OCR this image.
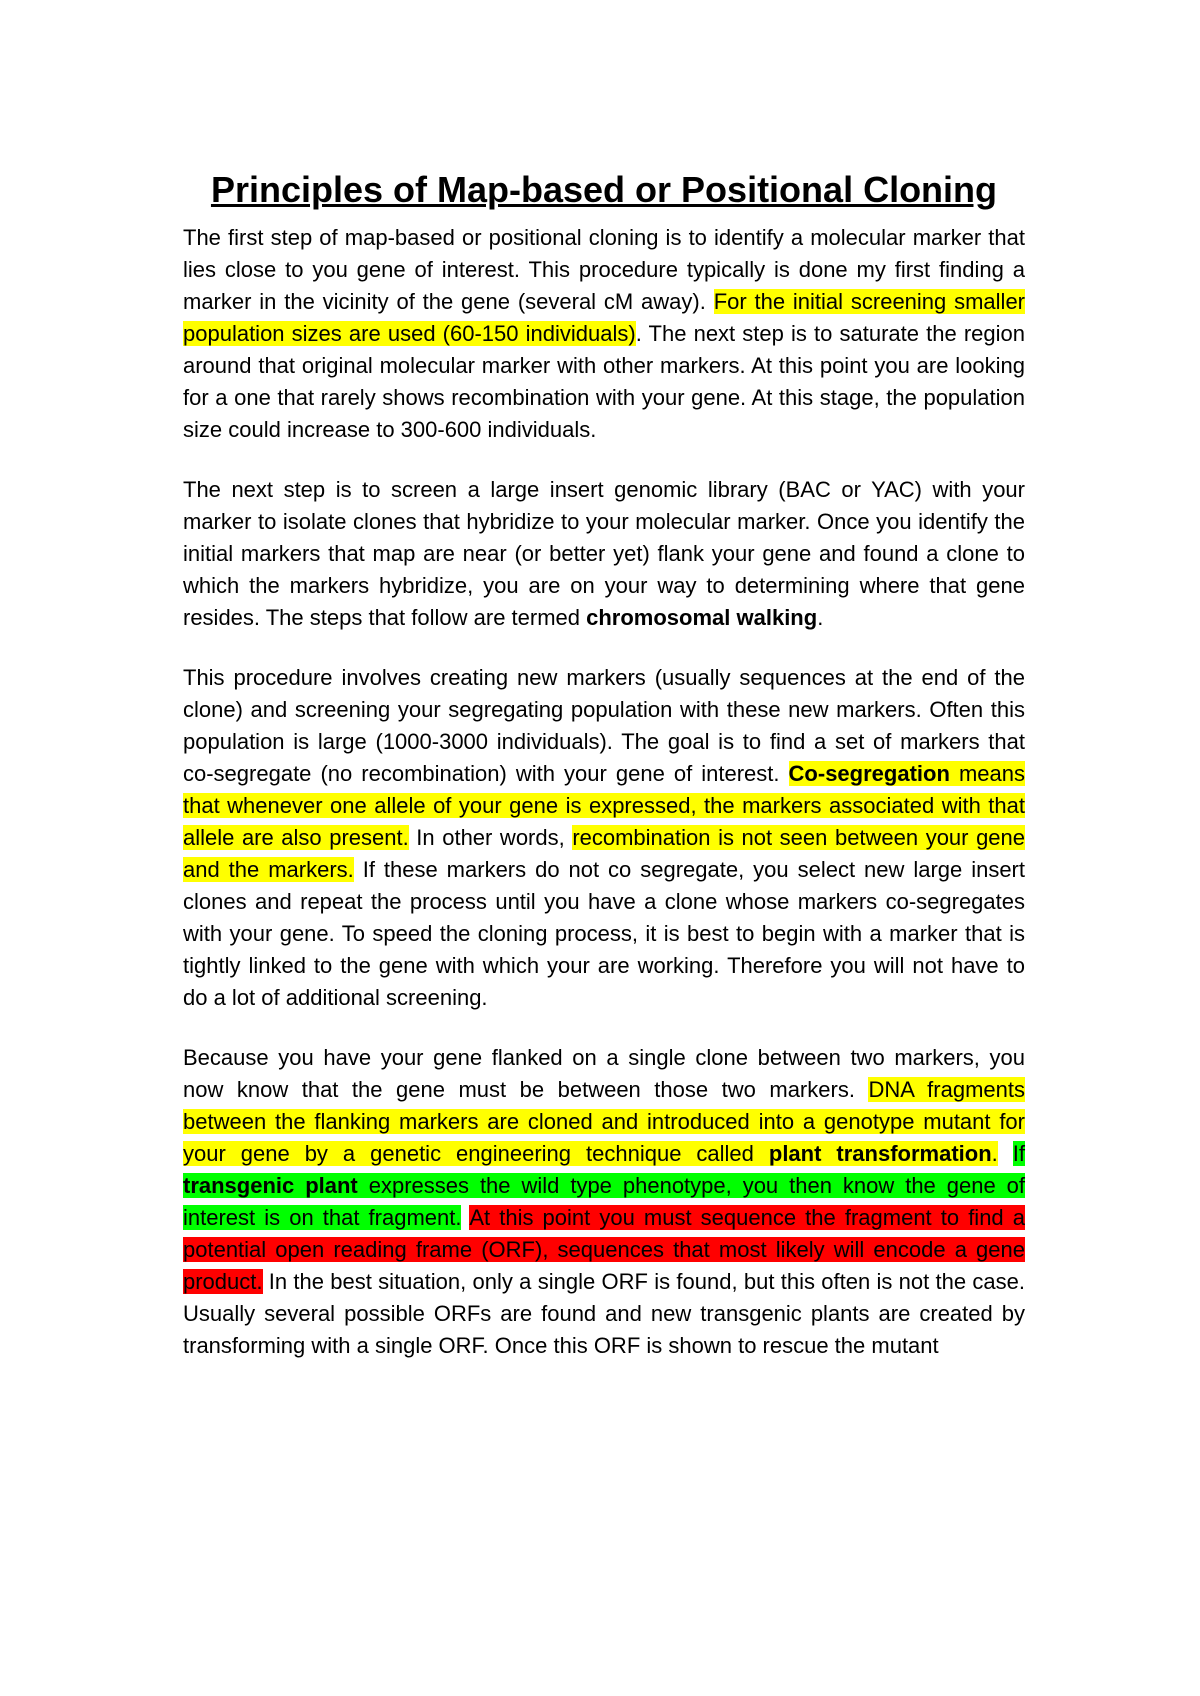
Principles of Map-based or Positional Cloning

The first step of map-based or positional cloning is to identify a molecular marker that lies close to you gene of interest. This procedure typically is done my first finding a marker in the vicinity of the gene (several cM away). For the initial screening smaller population sizes are used (60-150 individuals). The next step is to saturate the region around that original molecular marker with other markers. At this point you are looking for a one that rarely shows recombination with your gene. At this stage, the population size could increase to 300-600 individuals.

The next step is to screen a large insert genomic library (BAC or YAC) with your marker to isolate clones that hybridize to your molecular marker. Once you identify the initial markers that map are near (or better yet) flank your gene and found a clone to which the markers hybridize, you are on your way to determining where that gene resides. The steps that follow are termed chromosomal walking.

This procedure involves creating new markers (usually sequences at the end of the clone) and screening your segregating population with these new markers. Often this population is large (1000-3000 individuals). The goal is to find a set of markers that co-segregate (no recombination) with your gene of interest. Co-segregation means that whenever one allele of your gene is expressed, the markers associated with that allele are also present. In other words, recombination is not seen between your gene and the markers. If these markers do not co segregate, you select new large insert clones and repeat the process until you have a clone whose markers co-segregates with your gene. To speed the cloning process, it is best to begin with a marker that is tightly linked to the gene with which your are working. Therefore you will not have to do a lot of additional screening.

Because you have your gene flanked on a single clone between two markers, you now know that the gene must be between those two markers. DNA fragments between the flanking markers are cloned and introduced into a genotype mutant for your gene by a genetic engineering technique called plant transformation. If transgenic plant expresses the wild type phenotype, you then know the gene of interest is on that fragment. At this point you must sequence the fragment to find a potential open reading frame (ORF), sequences that most likely will encode a gene product. In the best situation, only a single ORF is found, but this often is not the case. Usually several possible ORFs are found and new transgenic plants are created by transforming with a single ORF. Once this ORF is shown to rescue the mutant
